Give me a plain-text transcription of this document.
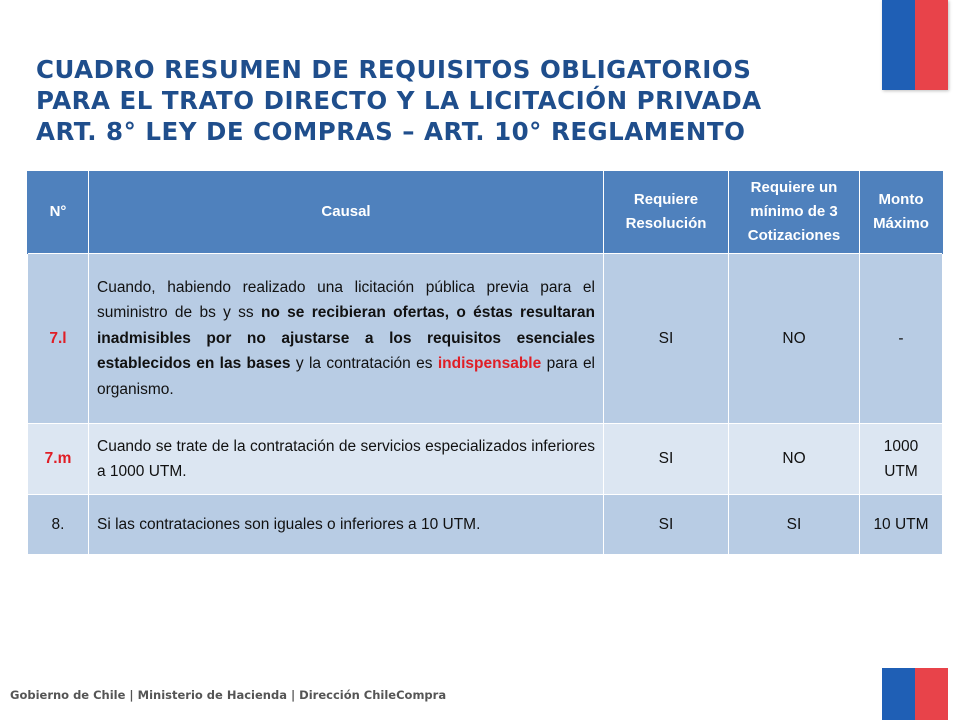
CUADRO RESUMEN DE REQUISITOS OBLIGATORIOS
PARA EL TRATO DIRECTO Y LA LICITACIÓN PRIVADA
ART. 8° LEY DE COMPRAS – ART. 10° REGLAMENTO
N°	Causal	Requiere Resolución	Requiere un mínimo de 3 Cotizaciones	Monto Máximo
7.l	Cuando, habiendo realizado una licitación pública previa para el suministro de bs y ss no se recibieran ofertas, o éstas resultaran inadmisibles por no ajustarse a los requisitos esenciales establecidos en las bases y la contratación es indispensable para el organismo.	SI	NO	-
7.m	Cuando se trate de la contratación de servicios especializados inferiores a 1000 UTM.	SI	NO	1000 UTM
8.	Si las contrataciones son iguales o inferiores a 10 UTM.	SI	SI	10 UTM
Gobierno de Chile | Ministerio de Hacienda | Dirección ChileCompra
